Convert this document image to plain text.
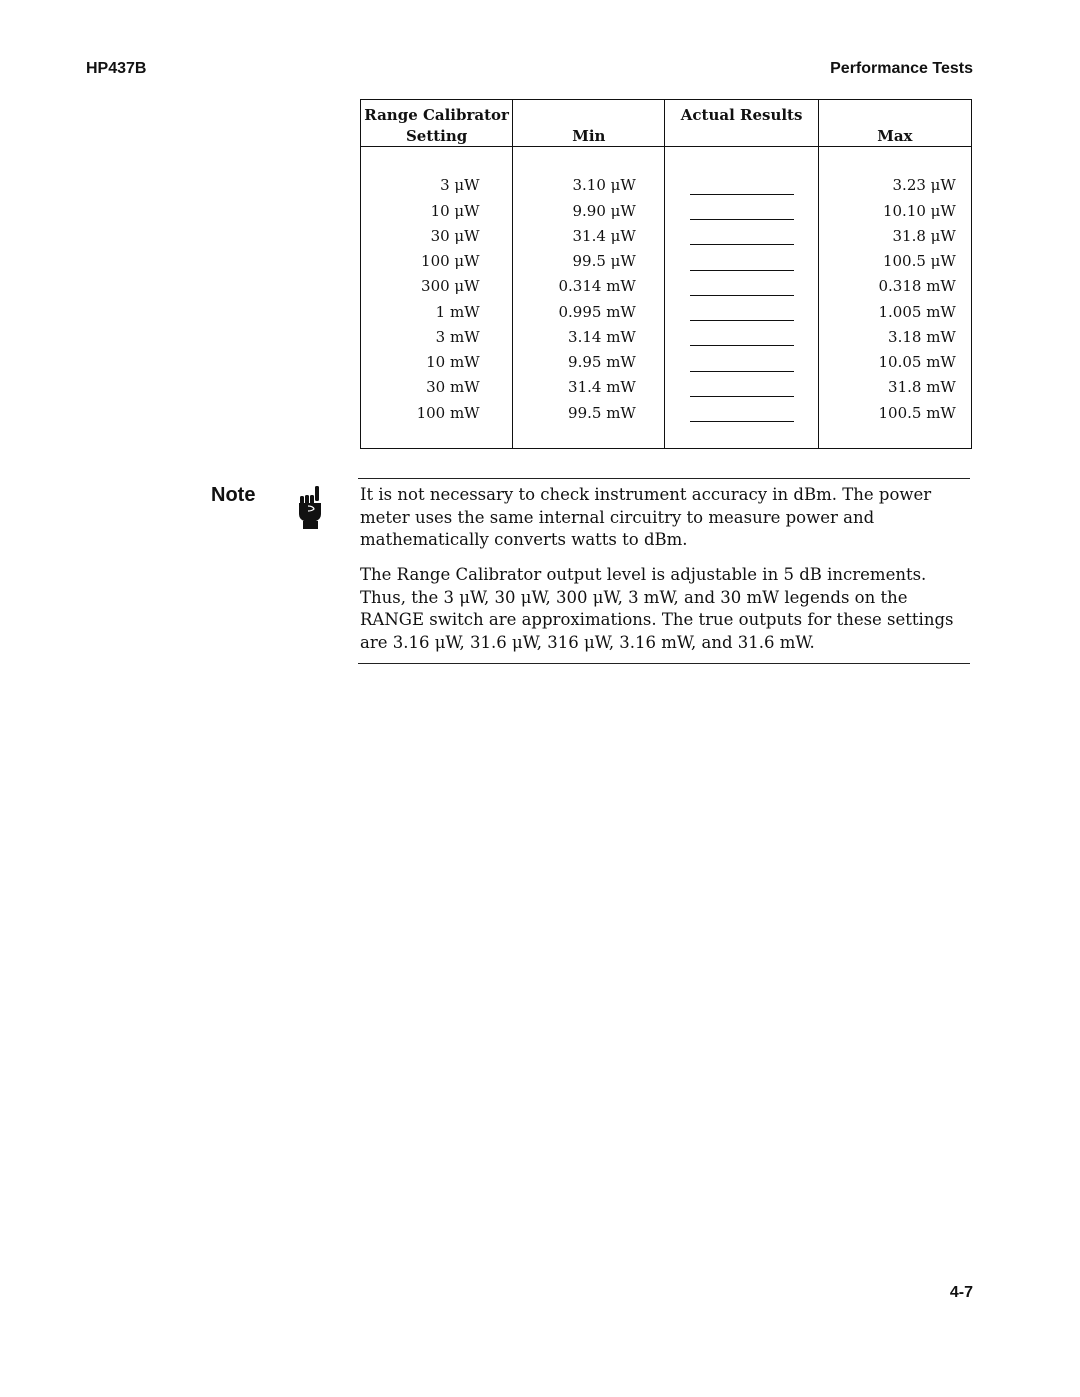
HP437B	Performance Tests
Range Calibrator
Setting	Min	Actual Results	Max

3 μW	3.10 μW		3.23 μW
10 μW	9.90 μW		10.10 μW
30 μW	31.4 μW		31.8 μW
100 μW	99.5 μW		100.5 μW
300 μW	0.314 mW		0.318 mW
1 mW	0.995 mW		1.005 mW
3 mW	3.14 mW		3.18 mW
10 mW	9.95 mW		10.05 mW
30 mW	31.4 mW		31.8 mW
100 mW	99.5 mW		100.5 mW
Note	It is not necessary to check instrument accuracy in dBm. The power meter uses the same internal circuitry to measure power and mathematically converts watts to dBm.

The Range Calibrator output level is adjustable in 5 dB increments. Thus, the 3 μW, 30 μW, 300 μW, 3 mW, and 30 mW legends on the RANGE switch are approximations. The true outputs for these settings are 3.16 μW, 31.6 μW, 316 μW, 3.16 mW, and 31.6 mW.

4-7
